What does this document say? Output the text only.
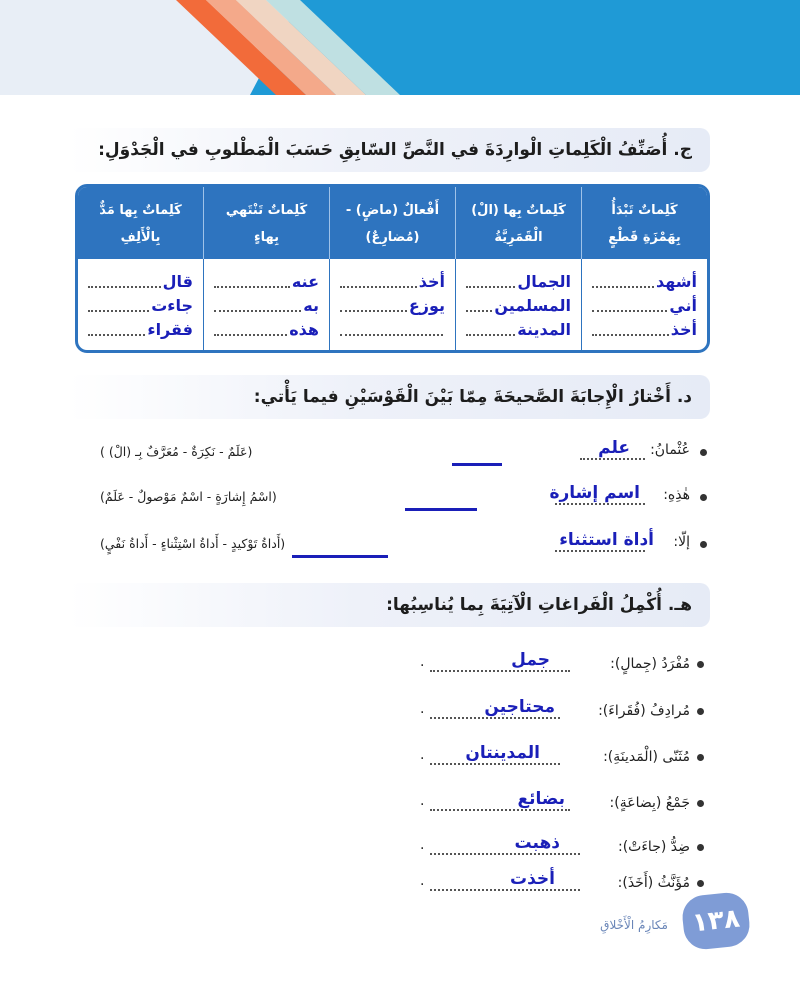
ج. أُصَنِّفُ الْكَلِماتِ الْوارِدَةَ في النَّصِّ السّابِقِ حَسَبَ الْمَطْلوبِ في الْجَدْوَلِ:
كَلِماتٌ تَبْدَأُ
بِهَمْزَةِ قَطْعٍ
كَلِماتٌ بِها (الْ)
الْقَمَرِيَّةُ
أَفْعالٌ (ماضٍ) -
(مُضارِعٌ)
كَلِماتٌ تَنْتَهي
بِهاءٍ
كَلِماتٌ بِها مَدٌّ
بِالْأَلِفِ
أشهد
أني
أخذ
الجمال
المسلمين
المدينة
أخذ
يوزع
عنه
به
هذه
قال
جاءت
فقراء
د. أَخْتارُ الْإِجابَةَ الصَّحيحَةَ مِمّا بَيْنَ الْقَوْسَيْنِ فيما يَأْتي:
عُثْمانُ:
علم
(عَلَمٌ - نَكِرَةٌ - مُعَرَّفٌ بِـ (الْ) )
هٰذِهِ:
اسم إشارة
(اسْمُ إِشارَةٍ - اسْمٌ مَوْصولٌ - عَلَمٌ)
إلّا:
أداة استثناء
(أَداةُ تَوْكيدٍ - أَداةُ اسْتِثْناءٍ - أَداةُ نَفْيٍ)
هـ. أُكْمِلُ الْفَراغاتِ الْآتِيَةَ بِما يُناسِبُها:
مُفْرَدُ (جِمالٍ):
جمل
.
مُرادِفُ (فُقَراءَ):
محتاجين
.
مُثَنّى (الْمَدينَةِ):
المدينتان
.
جَمْعُ (بِضاعَةٍ):
بضائع
.
ضِدُّ (جاءَتْ):
ذهبت
.
مُؤَنَّثُ (أَخَذَ):
أخذت
.
١٣٨
مَكارِمُ الْأَخْلاقِ
